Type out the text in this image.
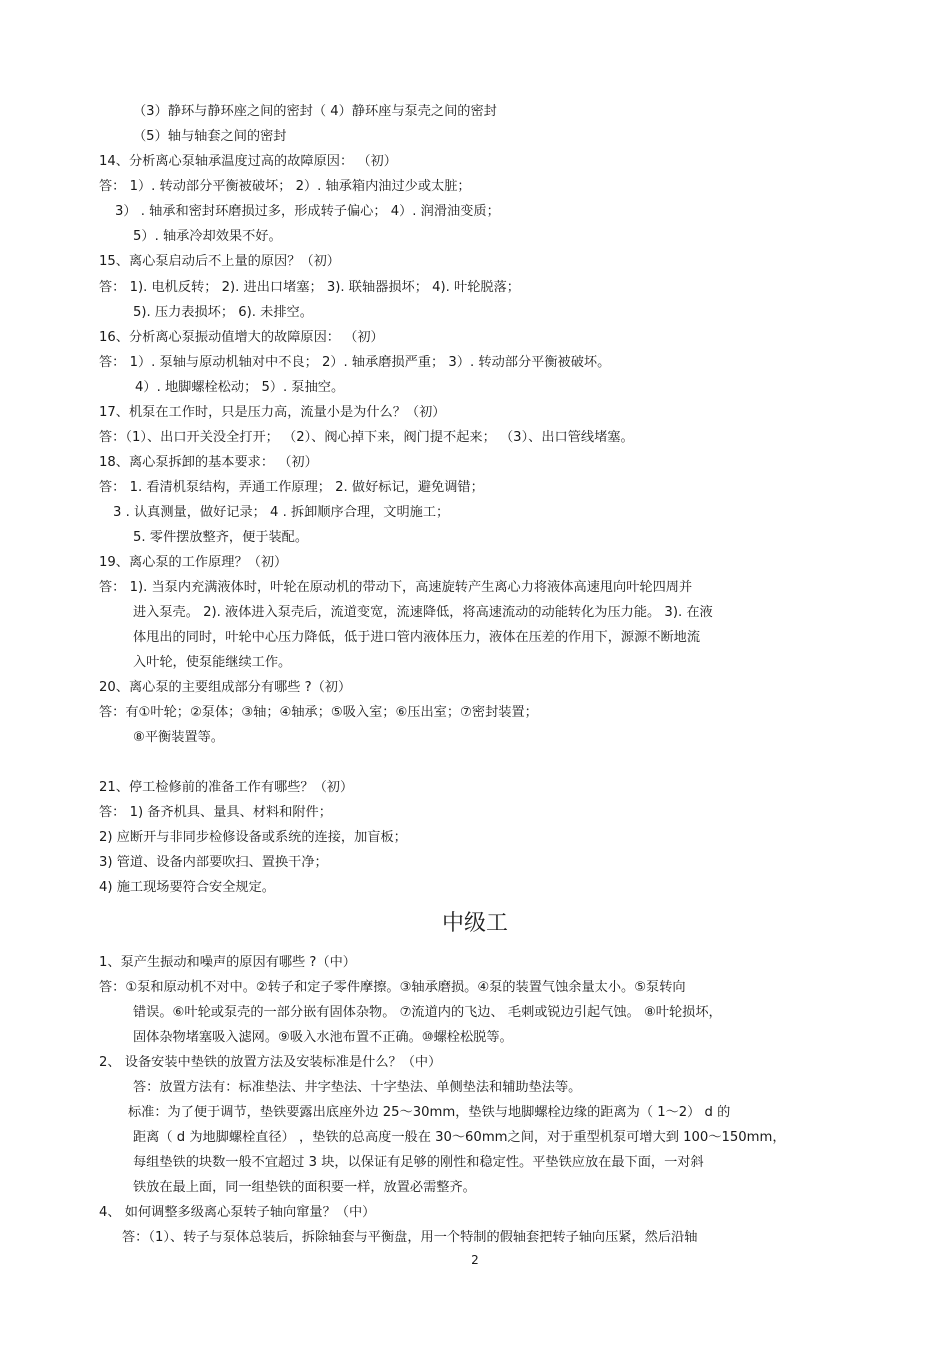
（3）静环与静环座之间的密封（ 4）静环座与泵壳之间的密封
（5）轴与轴套之间的密封
14、分析离心泵轴承温度过高的故障原因： （初）
答： 1）. 转动部分平衡被破坏； 2）. 轴承箱内油过少或太脏；
3） . 轴承和密封环磨损过多，形成转子偏心； 4）. 润滑油变质；
5）. 轴承冷却效果不好。
15、离心泵启动后不上量的原因？（初）
答： 1). 电机反转； 2). 进出口堵塞； 3). 联轴器损坏； 4). 叶轮脱落；
5). 压力表损坏； 6). 未排空。
16、分析离心泵振动值增大的故障原因： （初）
答： 1）. 泵轴与原动机轴对中不良； 2）. 轴承磨损严重； 3）. 转动部分平衡被破坏。
4）. 地脚螺栓松动； 5）. 泵抽空。
17、机泵在工作时，只是压力高，流量小是为什么？（初）
答：（1）、出口开关没全打开； （2）、阀心掉下来，阀门提不起来； （3）、出口管线堵塞。
18、离心泵拆卸的基本要求： （初）
答： 1. 看清机泵结构，弄通工作原理； 2. 做好标记，避免调错；
3 . 认真测量，做好记录； 4 . 拆卸顺序合理，文明施工；
5. 零件摆放整齐，便于装配。
19、离心泵的工作原理？（初）
答： 1). 当泵内充满液体时，叶轮在原动机的带动下，高速旋转产生离心力将液体高速甩向叶轮四周并
进入泵壳。 2). 液体进入泵壳后，流道变宽，流速降低，将高速流动的动能转化为压力能。 3). 在液
体甩出的同时，叶轮中心压力降低，低于进口管内液体压力，液体在压差的作用下，源源不断地流
入叶轮，使泵能继续工作。
20、离心泵的主要组成部分有哪些 ?（初）
答：有①叶轮；②泵体；③轴；④轴承；⑤吸入室；⑥压出室；⑦密封装置；
⑧平衡装置等。
21、停工检修前的准备工作有哪些？（初）
答： 1) 备齐机具、量具、材料和附件；
2) 应断开与非同步检修设备或系统的连接，加盲板；
3) 管道、设备内部要吹扫、置换干净；
4) 施工现场要符合安全规定。
中级工
1、泵产生振动和噪声的原因有哪些 ?（中）
答：①泵和原动机不对中。②转子和定子零件摩擦。③轴承磨损。④泵的装置气蚀余量太小。⑤泵转向
错误。⑥叶轮或泵壳的一部分嵌有固体杂物。 ⑦流道内的飞边、 毛刺或锐边引起气蚀。 ⑧叶轮损坏，
固体杂物堵塞吸入滤网。⑨吸入水池布置不正确。⑩螺栓松脱等。
2、 设备安装中垫铁的放置方法及安装标准是什么？（中）
答：放置方法有：标准垫法、井字垫法、十字垫法、单侧垫法和辅助垫法等。
标准：为了便于调节，垫铁要露出底座外边 25～30mm，垫铁与地脚螺栓边缘的距离为（ 1～2） d 的
距离（ d 为地脚螺栓直径） ，垫铁的总高度一般在 30～60mm之间，对于重型机泵可增大到 100～150mm，
每组垫铁的块数一般不宜超过 3 块，以保证有足够的刚性和稳定性。平垫铁应放在最下面，一对斜
铁放在最上面，同一组垫铁的面积要一样，放置必需整齐。
4、 如何调整多级离心泵转子轴向窜量？（中）
答：（1）、转子与泵体总装后，拆除轴套与平衡盘，用一个特制的假轴套把转子轴向压紧，然后沿轴
2
